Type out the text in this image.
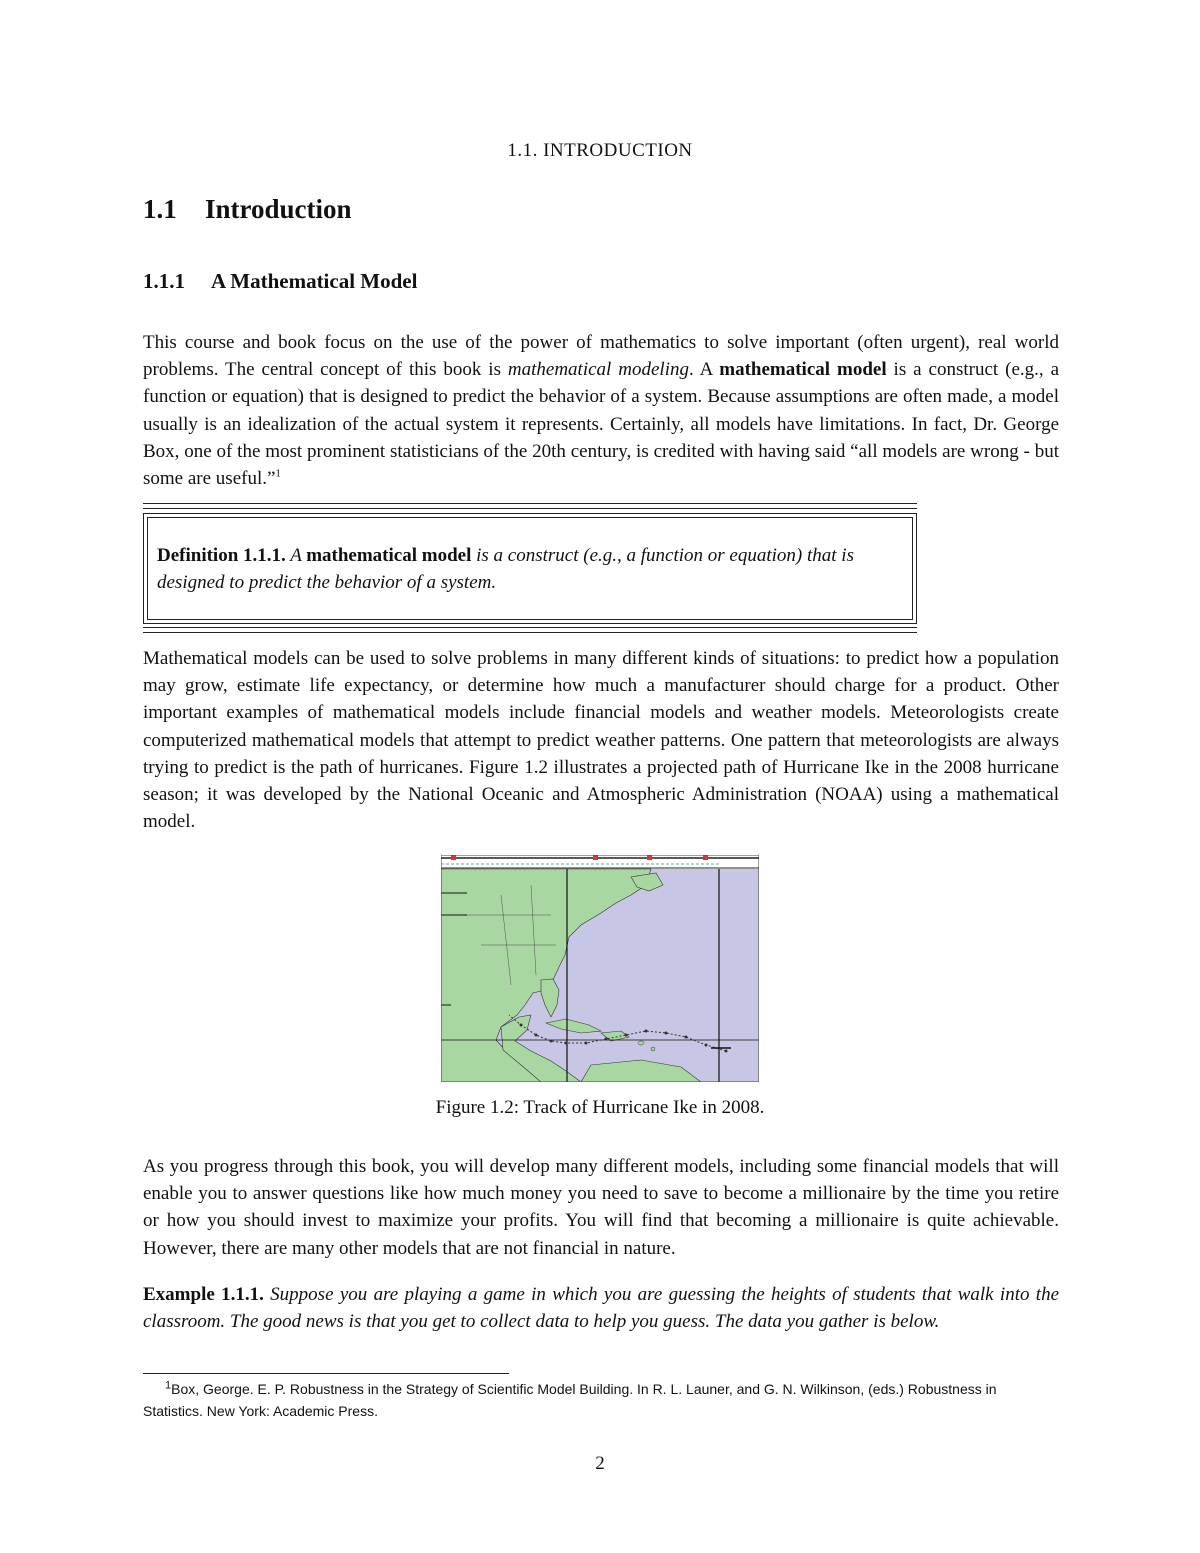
1.1. INTRODUCTION
1.1 Introduction
1.1.1 A Mathematical Model

This course and book focus on the use of the power of mathematics to solve important (often urgent), real world problems. The central concept of this book is mathematical modeling. A mathematical model is a construct (e.g., a function or equation) that is designed to predict the behavior of a system. Because assumptions are often made, a model usually is an idealization of the actual system it represents. Certainly, all models have limitations. In fact, Dr. George Box, one of the most prominent statisticians of the 20th century, is credited with having said “all models are wrong - but some are useful.”$^1$

Definition 1.1.1. A mathematical model is a construct (e.g., a function or equation) that is designed to predict the behavior of a system.

Mathematical models can be used to solve problems in many different kinds of situations: to predict how a population may grow, estimate life expectancy, or determine how much a manufacturer should charge for a product. Other important examples of mathematical models include financial models and weather models. Meteorologists create computerized mathematical models that attempt to predict weather patterns. One pattern that meteorologists are always trying to predict is the path of hurricanes. Figure 1.2 illustrates a projected path of Hurricane Ike in the 2008 hurricane season; it was developed by the National Oceanic and Atmospheric Administration (NOAA) using a mathematical model.

Figure 1.2: Track of Hurricane Ike in 2008.

As you progress through this book, you will develop many different models, including some financial models that will enable you to answer questions like how much money you need to save to become a millionaire by the time you retire or how you should invest to maximize your profits. You will find that becoming a millionaire is quite achievable. However, there are many other models that are not financial in nature.

Example 1.1.1. Suppose you are playing a game in which you are guessing the heights of students that walk into the classroom. The good news is that you get to collect data to help you guess. The data you gather is below.

$^1$Box, George. E. P. Robustness in the Strategy of Scientific Model Building. In R. L. Launer, and G. N. Wilkinson, (eds.) Robustness in Statistics. New York: Academic Press.

2
